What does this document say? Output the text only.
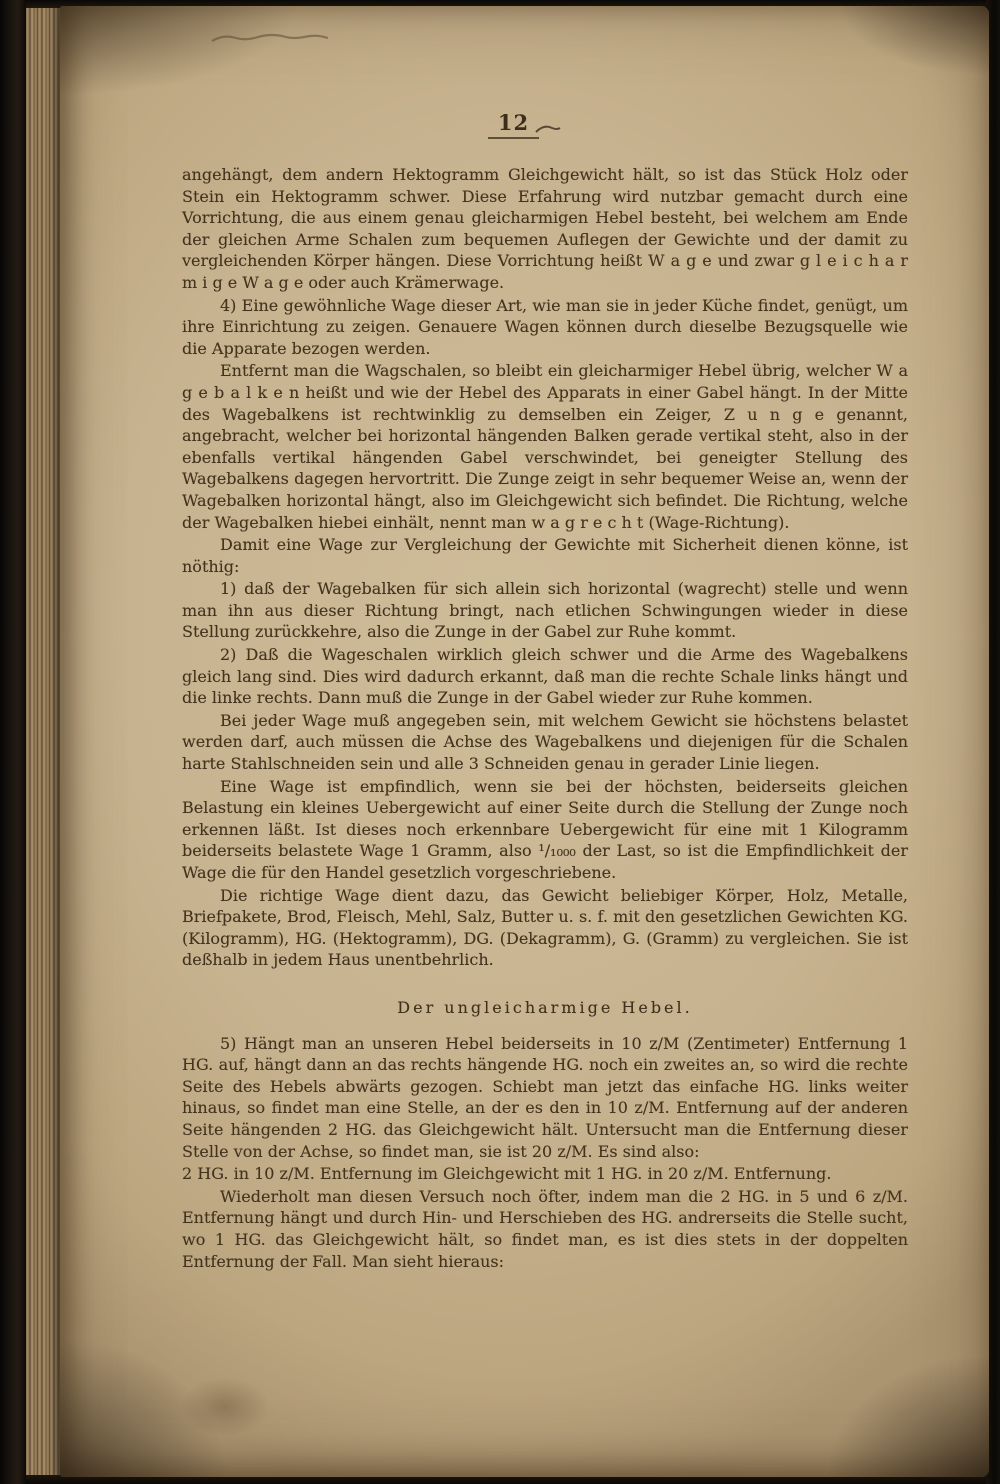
12

angehängt, dem andern Hektogramm Gleichgewicht hält, so ist das Stück Holz oder Stein ein Hektogramm schwer. Diese Erfahrung wird nutzbar gemacht durch eine Vorrichtung, die aus einem genau gleicharmigen Hebel besteht, bei welchem am Ende der gleichen Arme Schalen zum bequemen Auflegen der Gewichte und der damit zu vergleichenden Körper hängen. Diese Vorrichtung heißt W a g e und zwar g l e i c h a r m i g e W a g e oder auch Krämerwage.

4) Eine gewöhnliche Wage dieser Art, wie man sie in jeder Küche findet, genügt, um ihre Einrichtung zu zeigen. Genauere Wagen können durch dieselbe Bezugsquelle wie die Apparate bezogen werden.

Entfernt man die Wagschalen, so bleibt ein gleicharmiger Hebel übrig, welcher W a g e b a l k e n heißt und wie der Hebel des Apparats in einer Gabel hängt. In der Mitte des Wagebalkens ist rechtwinklig zu demselben ein Zeiger, Z u n g e genannt, angebracht, welcher bei horizontal hängenden Balken gerade vertikal steht, also in der ebenfalls vertikal hängenden Gabel verschwindet, bei geneigter Stellung des Wagebalkens dagegen hervortritt. Die Zunge zeigt in sehr bequemer Weise an, wenn der Wagebalken horizontal hängt, also im Gleichgewicht sich befindet. Die Richtung, welche der Wagebalken hiebei einhält, nennt man w a g r e c h t (Wage-Richtung).

Damit eine Wage zur Vergleichung der Gewichte mit Sicherheit dienen könne, ist nöthig:

1) daß der Wagebalken für sich allein sich horizontal (wagrecht) stelle und wenn man ihn aus dieser Richtung bringt, nach etlichen Schwingungen wieder in diese Stellung zurückkehre, also die Zunge in der Gabel zur Ruhe kommt.

2) Daß die Wageschalen wirklich gleich schwer und die Arme des Wagebalkens gleich lang sind. Dies wird dadurch erkannt, daß man die rechte Schale links hängt und die linke rechts. Dann muß die Zunge in der Gabel wieder zur Ruhe kommen.

Bei jeder Wage muß angegeben sein, mit welchem Gewicht sie höchstens belastet werden darf, auch müssen die Achse des Wagebalkens und diejenigen für die Schalen harte Stahlschneiden sein und alle 3 Schneiden genau in gerader Linie liegen.

Eine Wage ist empfindlich, wenn sie bei der höchsten, beiderseits gleichen Belastung ein kleines Uebergewicht auf einer Seite durch die Stellung der Zunge noch erkennen läßt. Ist dieses noch erkennbare Uebergewicht für eine mit 1 Kilogramm beiderseits belastete Wage 1 Gramm, also ¹/₁₀₀₀ der Last, so ist die Empfindlichkeit der Wage die für den Handel gesetzlich vorgeschriebene.

Die richtige Wage dient dazu, das Gewicht beliebiger Körper, Holz, Metalle, Briefpakete, Brod, Fleisch, Mehl, Salz, Butter u. s. f. mit den gesetzlichen Gewichten KG. (Kilogramm), HG. (Hektogramm), DG. (Dekagramm), G. (Gramm) zu vergleichen. Sie ist deßhalb in jedem Haus unentbehrlich.

Der ungleicharmige Hebel.

5) Hängt man an unseren Hebel beiderseits in 10 z/M (Zentimeter) Entfernung 1 HG. auf, hängt dann an das rechts hängende HG. noch ein zweites an, so wird die rechte Seite des Hebels abwärts gezogen. Schiebt man jetzt das einfache HG. links weiter hinaus, so findet man eine Stelle, an der es den in 10 z/M. Entfernung auf der anderen Seite hängenden 2 HG. das Gleichgewicht hält. Untersucht man die Entfernung dieser Stelle von der Achse, so findet man, sie ist 20 z/M. Es sind also:

2 HG. in 10 z/M. Entfernung im Gleichgewicht mit 1 HG. in 20 z/M. Entfernung.

Wiederholt man diesen Versuch noch öfter, indem man die 2 HG. in 5 und 6 z/M. Entfernung hängt und durch Hin- und Herschieben des HG. andrerseits die Stelle sucht, wo 1 HG. das Gleichgewicht hält, so findet man, es ist dies stets in der doppelten Entfernung der Fall. Man sieht hieraus:
